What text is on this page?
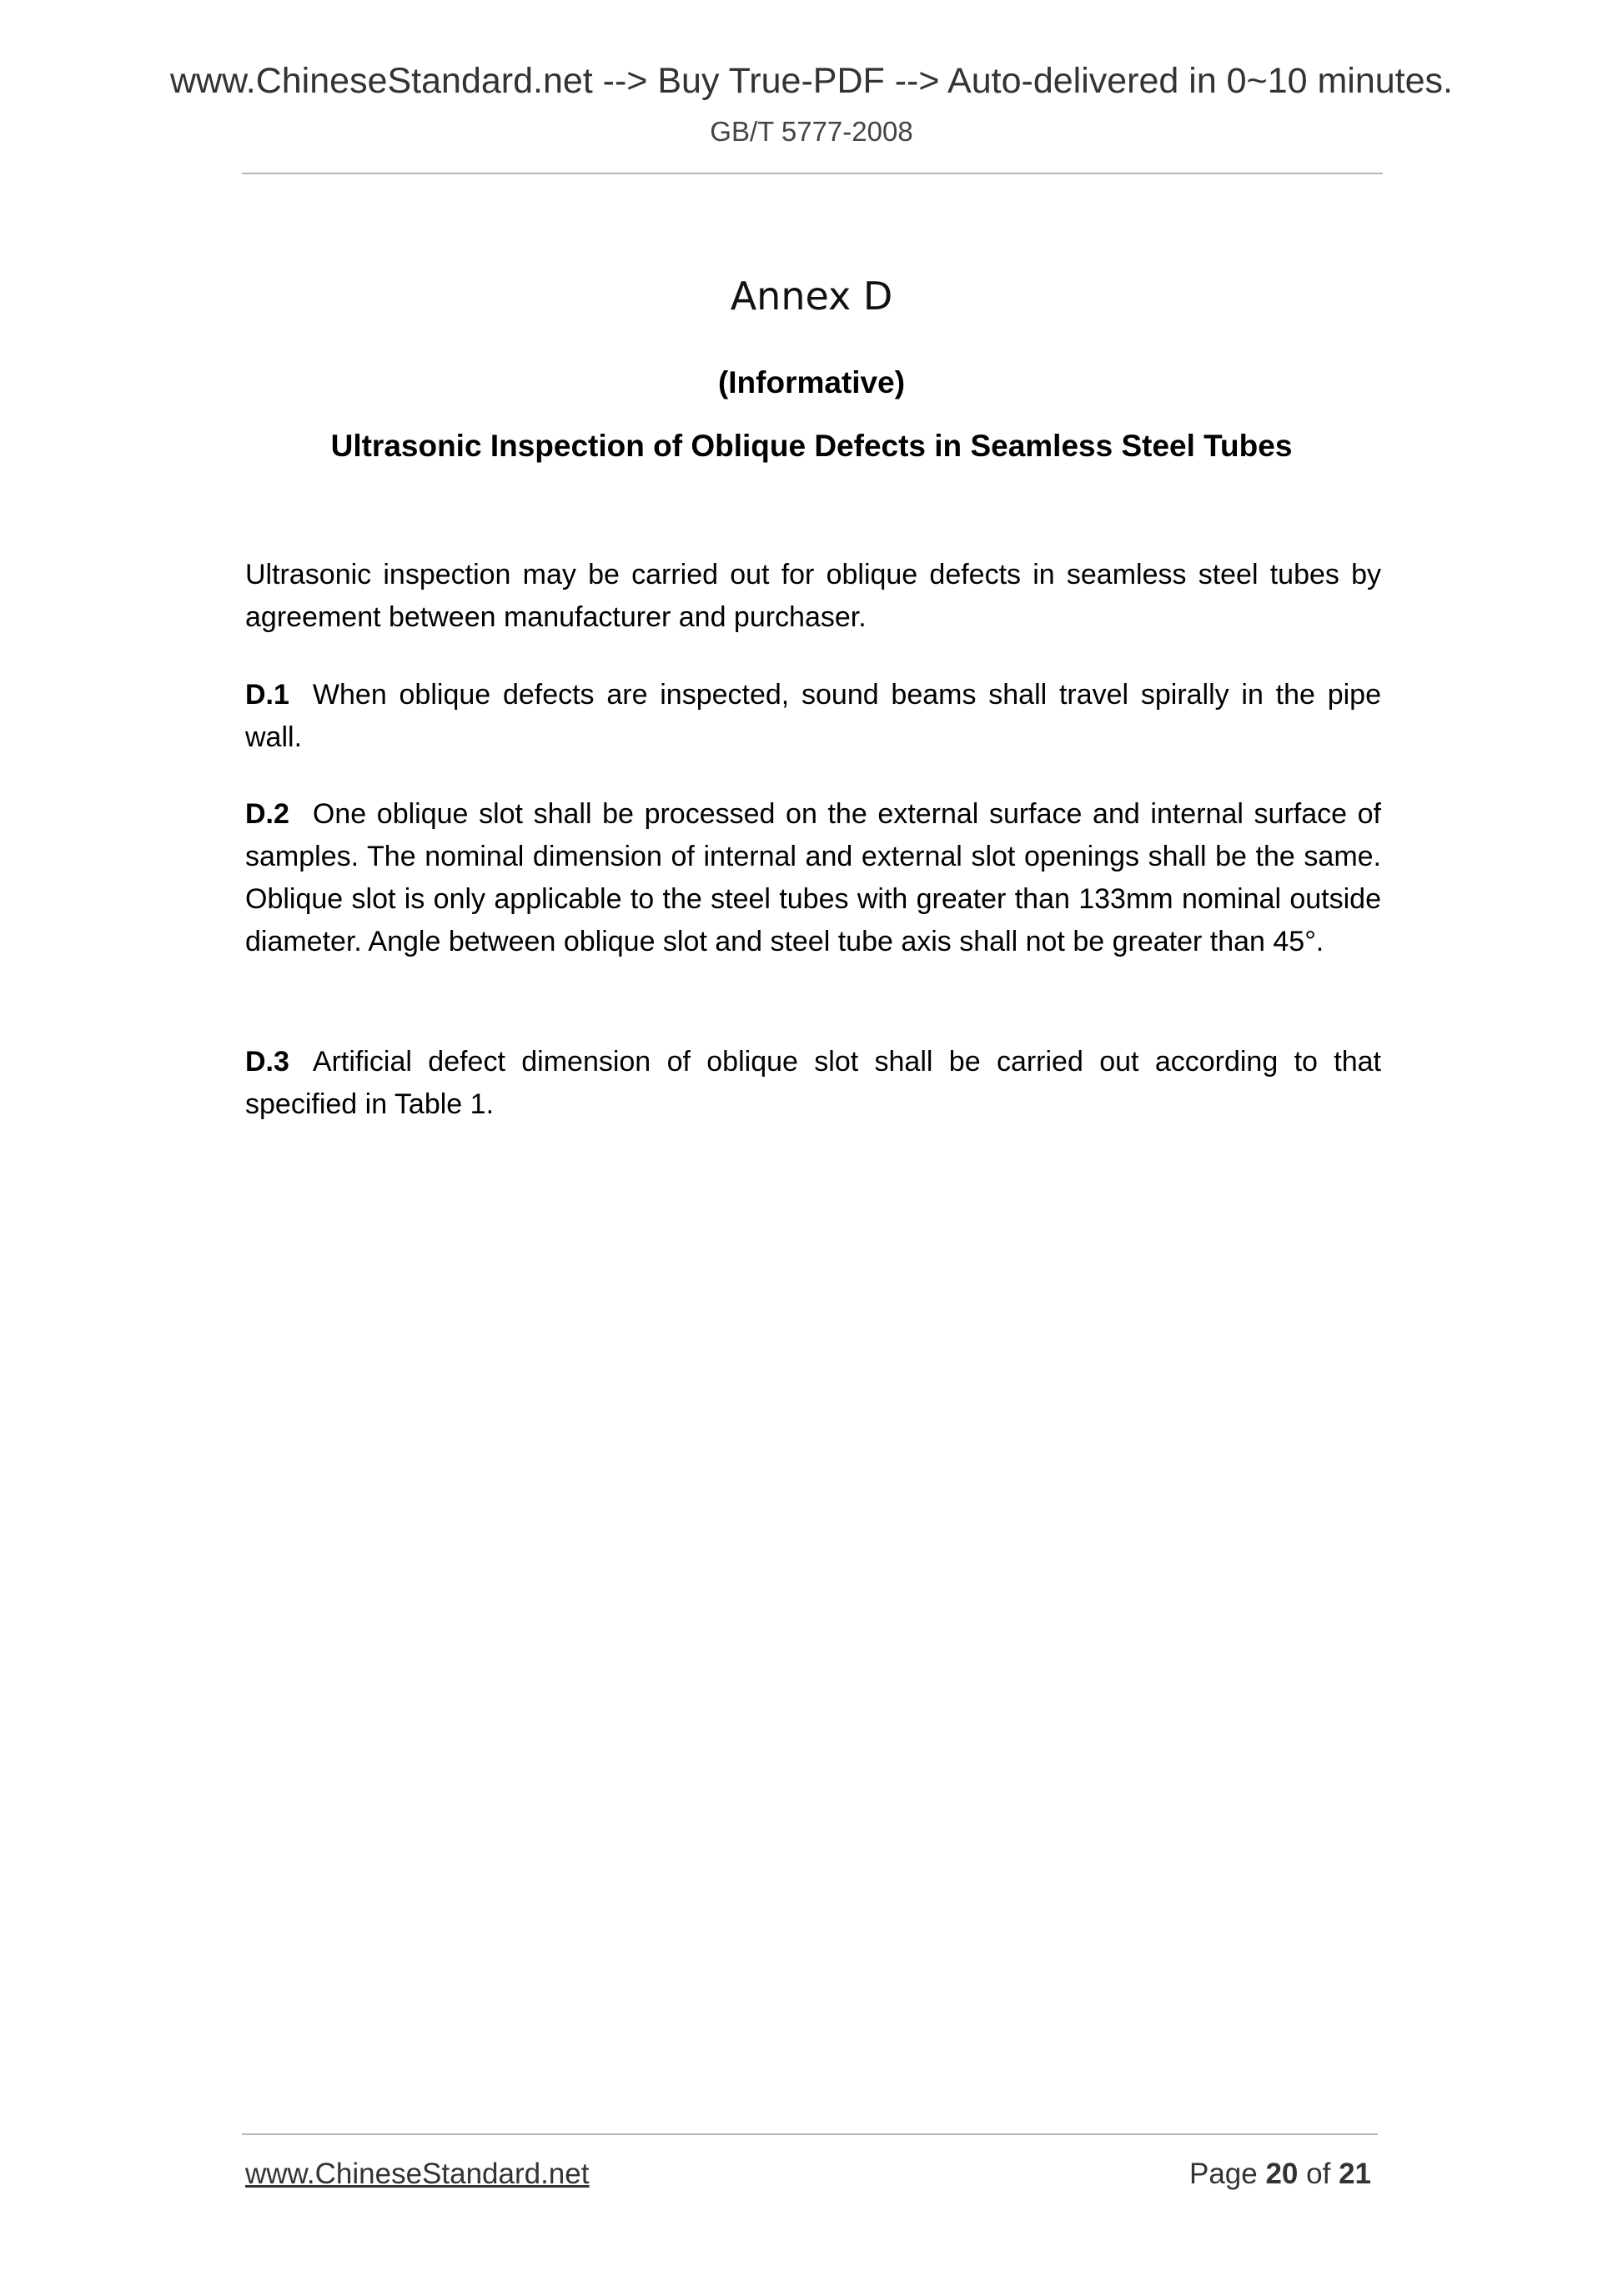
www.ChineseStandard.net --> Buy True-PDF --> Auto-delivered in 0~10 minutes.
GB/T 5777-2008
Annex D
(Informative)
Ultrasonic Inspection of Oblique Defects in Seamless Steel Tubes

Ultrasonic inspection may be carried out for oblique defects in seamless steel tubes by agreement between manufacturer and purchaser.

D.1 When oblique defects are inspected, sound beams shall travel spirally in the pipe wall.

D.2 One oblique slot shall be processed on the external surface and internal surface of samples. The nominal dimension of internal and external slot openings shall be the same. Oblique slot is only applicable to the steel tubes with greater than 133mm nominal outside diameter. Angle between oblique slot and steel tube axis shall not be greater than 45°.

D.3 Artificial defect dimension of oblique slot shall be carried out according to that specified in Table 1.

www.ChineseStandard.net	Page 20 of 21
